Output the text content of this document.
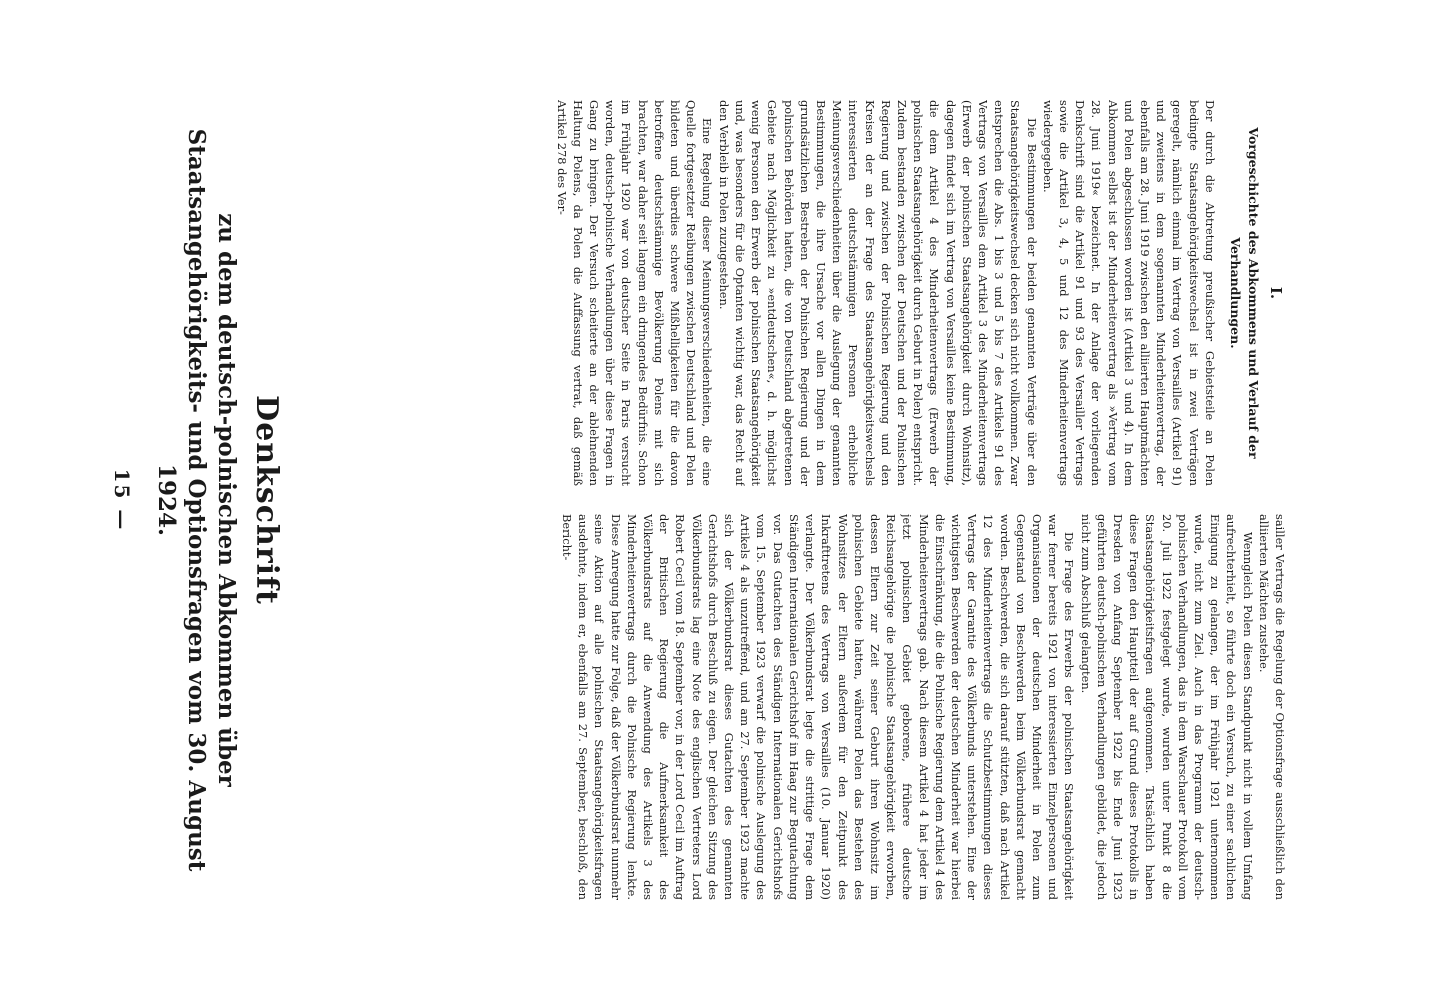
15 —	Denkschrift
zu dem deutsch-polnischen Abkommen über Staatsangehörigkeits- und Optionsfragen vom 30. August 1924.
I.
Vorgeschichte des Abkommens und Verlauf der Verhandlungen.

Der durch die Abtretung preußischer Gebietsteile an Polen bedingte Staatsangehörigkeitswechsel ist in zwei Verträgen geregelt, nämlich einmal im Vertrag von Versailles (Artikel 91) und zweitens in dem sogenannten Minderheitenvertrag, der ebenfalls am 28. Juni 1919 zwischen den alliierten Hauptmächten und Polen abgeschlossen worden ist (Artikel 3 und 4). In dem Abkommen selbst ist der Minderheitenvertrag als »Vertrag vom 28. Juni 1919« bezeichnet. In der Anlage der vorliegenden Denkschrift sind die Artikel 91 und 93 des Versailler Vertrags sowie die Artikel 3, 4, 5 und 12 des Minderheitenvertrags wiedergegeben.

Die Bestimmungen der beiden genannten Verträge über den Staatsangehörigkeitswechsel decken sich nicht vollkommen. Zwar entsprechen die Abs. 1 bis 3 und 5 bis 7 des Artikels 91 des Vertrags von Versailles dem Artikel 3 des Minderheitenvertrags (Erwerb der polnischen Staatsangehörigkeit durch Wohnsitz), dagegen findet sich im Vertrag von Versailles keine Bestimmung, die dem Artikel 4 des Minderheitenvertrags (Erwerb der polnischen Staatsangehörigkeit durch Geburt in Polen) entspricht. Zudem bestanden zwischen der Deutschen und der Polnischen Regierung und zwischen der Polnischen Regierung und den Kreisen der an der Frage des Staatsangehörigkeitswechsels interessierten deutschstämmigen Personen erhebliche Meinungsverschiedenheiten über die Auslegung der genannten Bestimmungen, die ihre Ursache vor allen Dingen in dem grundsätzlichen Bestreben der Polnischen Regierung und der polnischen Behörden hatten, die von Deutschland abgetretenen Gebiete nach Möglichkeit zu »entdeutschen«, d. h. möglichst wenig Personen den Erwerb der polnischen Staatsangehörigkeit und, was besonders für die Optanten wichtig war, das Recht auf den Verbleib in Polen zuzugestehen.

Eine Regelung dieser Meinungsverschiedenheiten, die eine Quelle fortgesetzter Reibungen zwischen Deutschland und Polen bildeten und überdies schwere Mißhelligkeiten für die davon betroffene deutschstämmige Bevölkerung Polens mit sich brachten, war daher seit langem ein dringendes Bedürfnis. Schon im Frühjahr 1920 war von deutscher Seite in Paris versucht worden, deutsch-polnische Verhandlungen über diese Fragen in Gang zu bringen. Der Versuch scheiterte an der ablehnenden Haltung Polens, da Polen die Auffassung vertrat, daß gemäß Artikel 278 des Ver-

sailler Vertrags die Regelung der Optionsfrage ausschließlich den alliierten Mächten zustehe.

Wenngleich Polen diesen Standpunkt nicht in vollem Umfang aufrechterhielt, so führte doch ein Versuch, zu einer sachlichen Einigung zu gelangen, der im Frühjahr 1921 unternommen wurde, nicht zum Ziel. Auch in das Programm der deutsch-polnischen Verhandlungen, das in dem Warschauer Protokoll vom 20. Juli 1922 festgelegt wurde, wurden unter Punkt 8 die Staatsangehörigkeitsfragen aufgenommen. Tatsächlich haben diese Fragen den Hauptteil der auf Grund dieses Protokolls in Dresden von Anfang September 1922 bis Ende Juni 1923 geführten deutsch-polnischen Verhandlungen gebildet, die jedoch nicht zum Abschluß gelangten.

Die Frage des Erwerbs der polnischen Staatsangehörigkeit war ferner bereits 1921 von interessierten Einzelpersonen und Organisationen der deutschen Minderheit in Polen zum Gegenstand von Beschwerden beim Völkerbundsrat gemacht worden. Beschwerden, die sich darauf stützten, daß nach Artikel 12 des Minderheitenvertrags die Schutzbestimmungen dieses Vertrags der Garantie des Völkerbunds unterstehen. Eine der wichtigsten Beschwerden der deutschen Minderheit war hierbei die Einschränkung, die die Polnische Regierung dem Artikel 4 des Minderheitenvertrags gab. Nach diesem Artikel 4 hat jeder im jetzt polnischen Gebiet geborene, frühere deutsche Reichsangehörige die polnische Staatsangehörigkeit erworben, dessen Eltern zur Zeit seiner Geburt ihren Wohnsitz im polnischen Gebiete hatten, während Polen das Bestehen des Wohnsitzes der Eltern außerdem für den Zeitpunkt des Inkrafttretens des Vertrags von Versailles (10. Januar 1920) verlangte. Der Völkerbundsrat legte die strittige Frage dem Ständigen Internationalen Gerichtshof im Haag zur Begutachtung vor. Das Gutachten des Ständigen Internationalen Gerichtshofs vom 15. September 1923 verwarf die polnische Auslegung des Artikels 4 als unzutreffend, und am 27. September 1923 machte sich der Völkerbundsrat dieses Gutachten des genannten Gerichtshofs durch Beschluß zu eigen. Der gleichen Sitzung des Völkerbundsrats lag eine Note des englischen Vertreters Lord Robert Cecil vom 18. September vor, in der Lord Cecil im Auftrag der Britischen Regierung die Aufmerksamkeit des Völkerbundsrats auf die Anwendung des Artikels 3 des Minderheitenvertrags durch die Polnische Regierung lenkte. Diese Anregung hatte zur Folge, daß der Völkerbundsrat nunmehr seine Aktion auf alle polnischen Staatsangehörigkeitsfragen ausdehnte, indem er, ebenfalls am 27. September, beschloß, den Bericht-
